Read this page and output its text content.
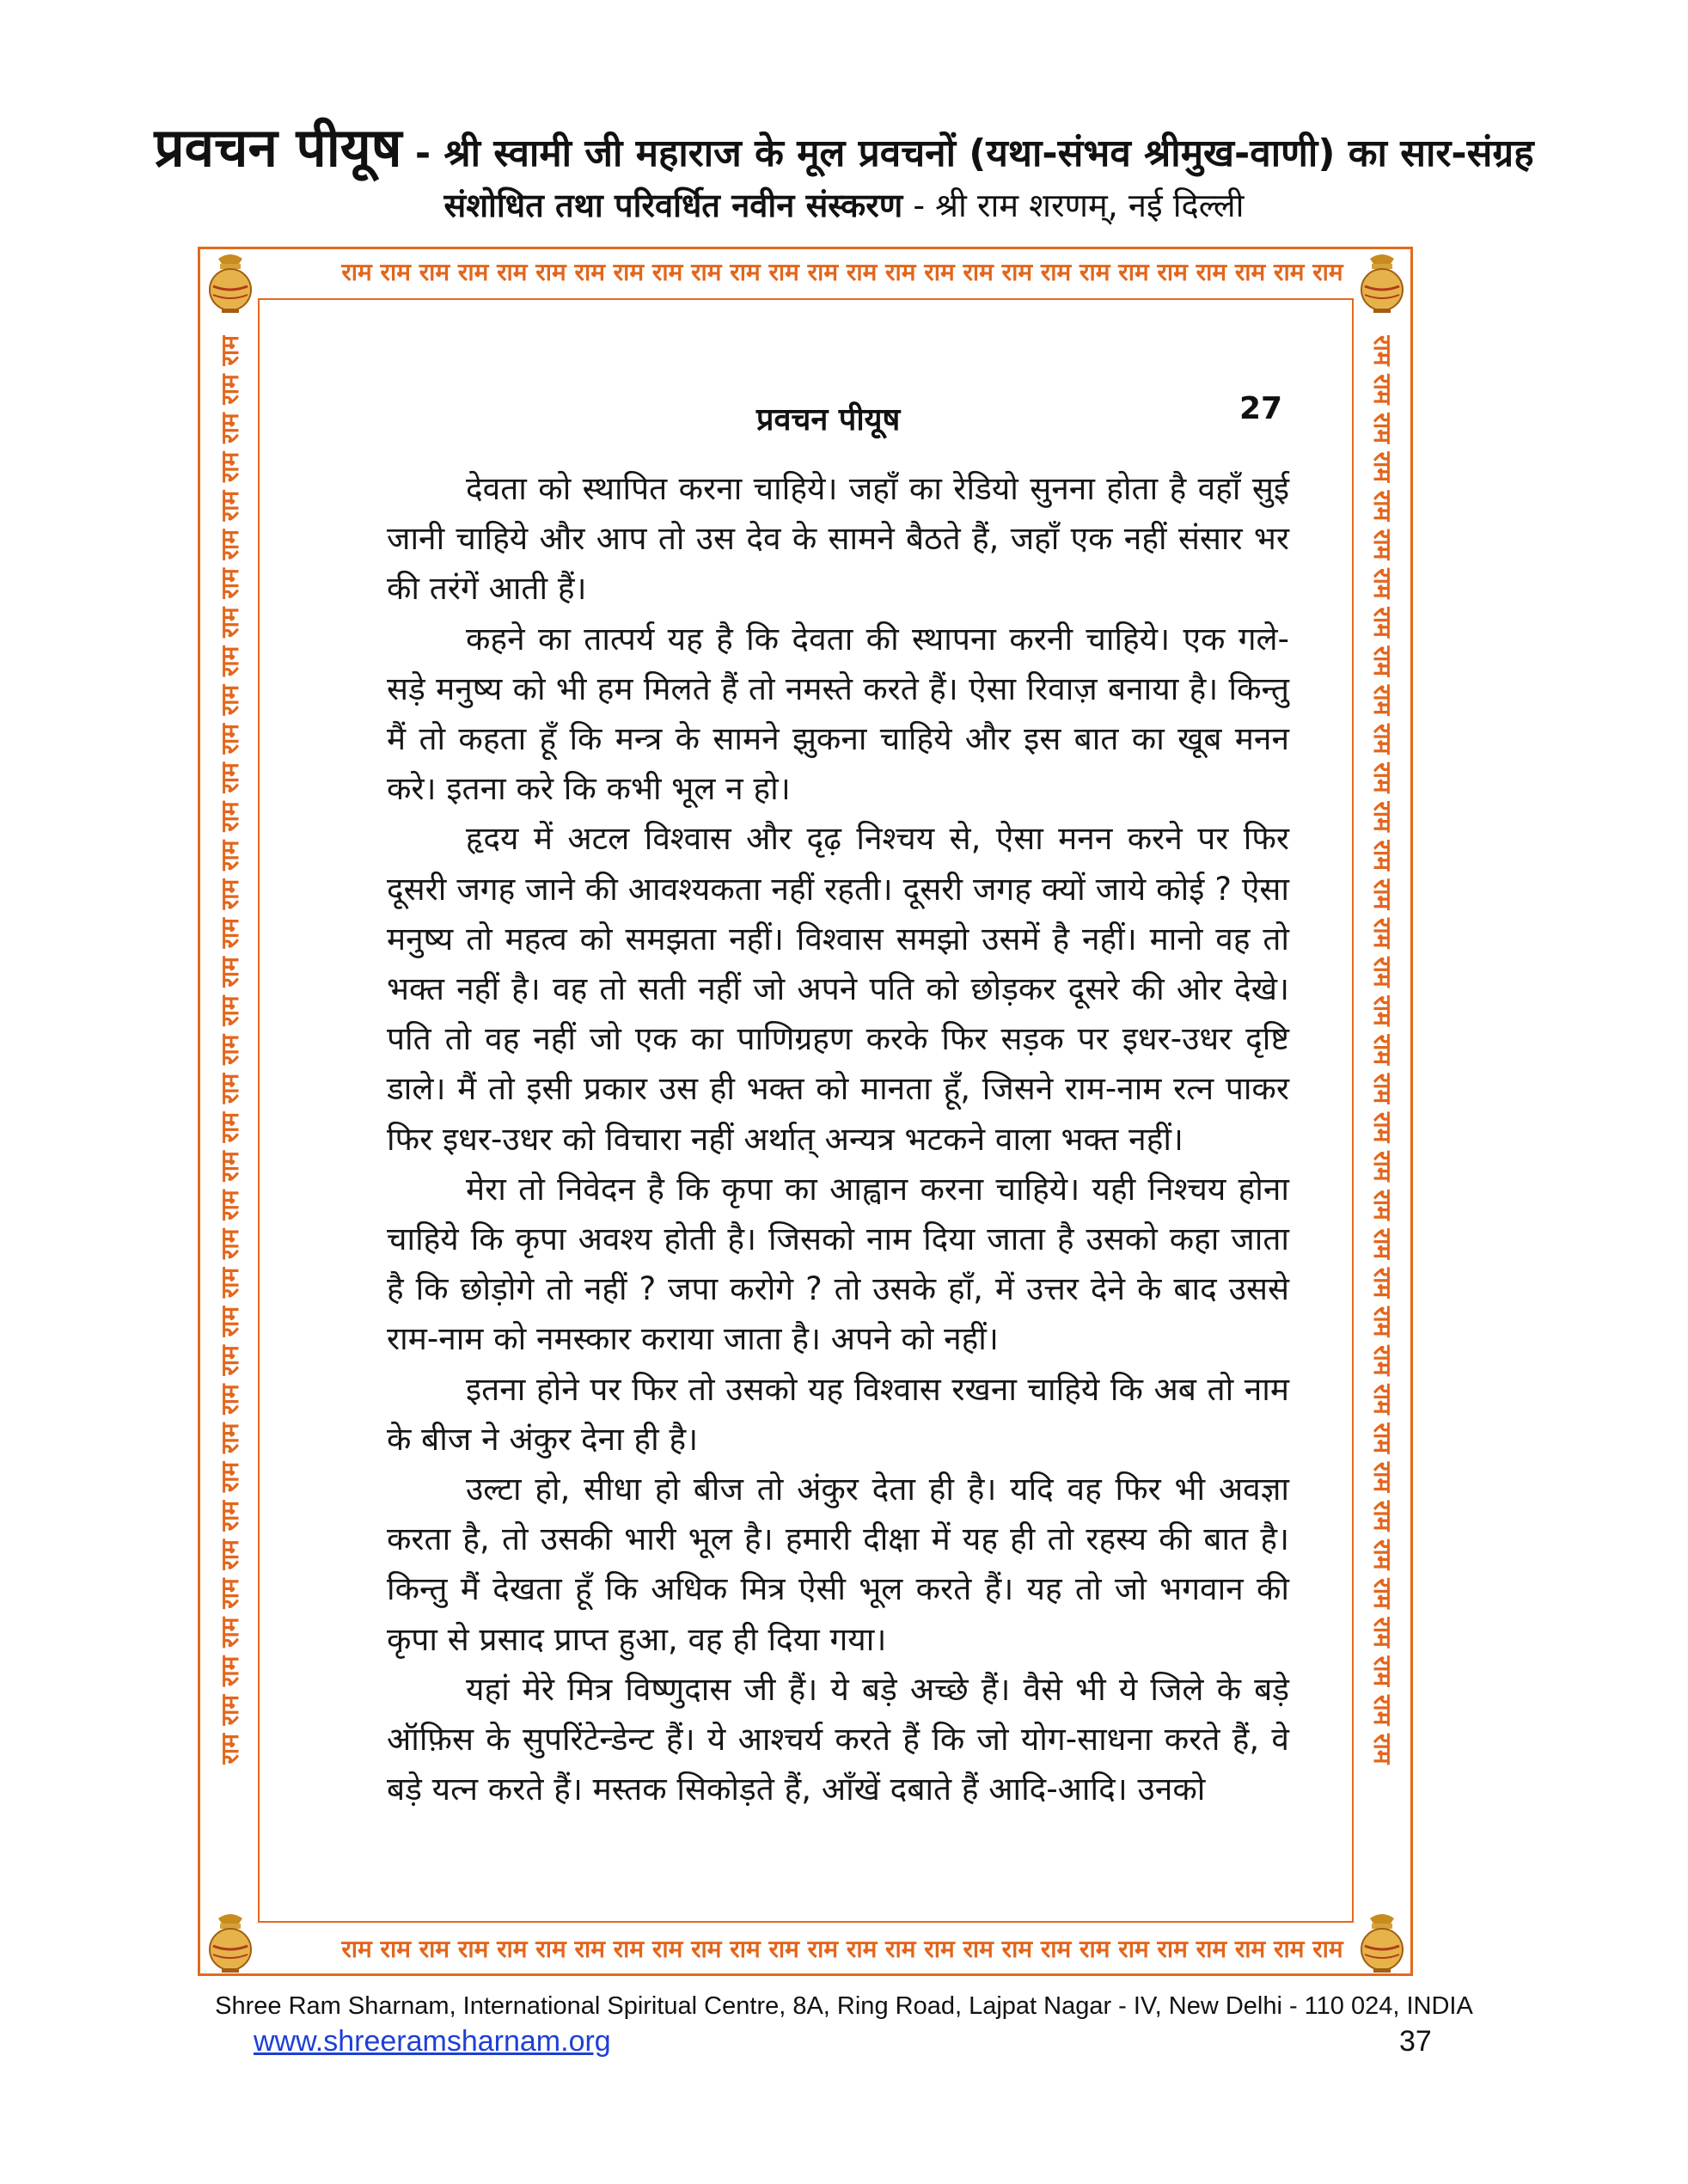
प्रवचन पीयूष - श्री स्वामी जी महाराज के मूल प्रवचनों (यथा-संभव श्रीमुख-वाणी) का सार-संग्रह
संशोधित तथा परिवर्धित नवीन संस्करण - श्री राम शरणम्, नई दिल्ली
राम राम राम राम राम राम राम राम राम राम राम राम राम राम राम राम राम राम राम राम राम राम राम राम राम राम
राम राम राम राम राम राम राम राम राम राम राम राम राम राम राम राम राम राम राम राम राम राम राम राम राम राम
राम राम राम राम राम राम राम राम राम राम राम राम राम राम राम राम राम राम राम राम राम राम राम राम राम राम राम राम राम राम राम राम राम राम राम राम राम	राम राम राम राम राम राम राम राम राम राम राम राम राम राम राम राम राम राम राम राम राम राम राम राम राम राम राम राम राम राम राम राम राम राम राम राम राम
प्रवचन पीयूष	27

देवता को स्थापित करना चाहिये। जहाँ का रेडियो सुनना होता है वहाँ सुई जानी चाहिये और आप तो उस देव के सामने बैठते हैं, जहाँ एक नहीं संसार भर की तरंगें आती हैं।

कहने का तात्पर्य यह है कि देवता की स्थापना करनी चाहिये। एक गले-सड़े मनुष्य को भी हम मिलते हैं तो नमस्ते करते हैं। ऐसा रिवाज़ बनाया है। किन्तु मैं तो कहता हूँ कि मन्त्र के सामने झुकना चाहिये और इस बात का खूब मनन करे। इतना करे कि कभी भूल न हो।

हृदय में अटल विश्वास और दृढ़ निश्चय से, ऐसा मनन करने पर फिर दूसरी जगह जाने की आवश्यकता नहीं रहती। दूसरी जगह क्यों जाये कोई ? ऐसा मनुष्य तो महत्व को समझता नहीं। विश्वास समझो उसमें है नहीं। मानो वह तो भक्त नहीं है। वह तो सती नहीं जो अपने पति को छोड़कर दूसरे की ओर देखे। पति तो वह नहीं जो एक का पाणिग्रहण करके फिर सड़क पर इधर-उधर दृष्टि डाले। मैं तो इसी प्रकार उस ही भक्त को मानता हूँ, जिसने राम-नाम रत्न पाकर फिर इधर-उधर को विचारा नहीं अर्थात् अन्यत्र भटकने वाला भक्त नहीं।

मेरा तो निवेदन है कि कृपा का आह्वान करना चाहिये। यही निश्चय होना चाहिये कि कृपा अवश्य होती है। जिसको नाम दिया जाता है उसको कहा जाता है कि छोड़ोगे तो नहीं ? जपा करोगे ? तो उसके हाँ, में उत्तर देने के बाद उससे राम-नाम को नमस्कार कराया जाता है। अपने को नहीं।

इतना होने पर फिर तो उसको यह विश्वास रखना चाहिये कि अब तो नाम के बीज ने अंकुर देना ही है।

उल्टा हो, सीधा हो बीज तो अंकुर देता ही है। यदि वह फिर भी अवज्ञा करता है, तो उसकी भारी भूल है। हमारी दीक्षा में यह ही तो रहस्य की बात है। किन्तु मैं देखता हूँ कि अधिक मित्र ऐसी भूल करते हैं। यह तो जो भगवान की कृपा से प्रसाद प्राप्त हुआ, वह ही दिया गया।

यहां मेरे मित्र विष्णुदास जी हैं। ये बड़े अच्छे हैं। वैसे भी ये जिले के बड़े ऑफ़िस के सुपरिंटेन्डेन्ट हैं। ये आश्चर्य करते हैं कि जो योग-साधना करते हैं, वे बड़े यत्न करते हैं। मस्तक सिकोड़ते हैं, आँखें दबाते हैं आदि-आदि। उनको

Shree Ram Sharnam, International Spiritual Centre, 8A, Ring Road, Lajpat Nagar - IV, New Delhi - 110 024, INDIA
www.shreeramsharnam.org	37
